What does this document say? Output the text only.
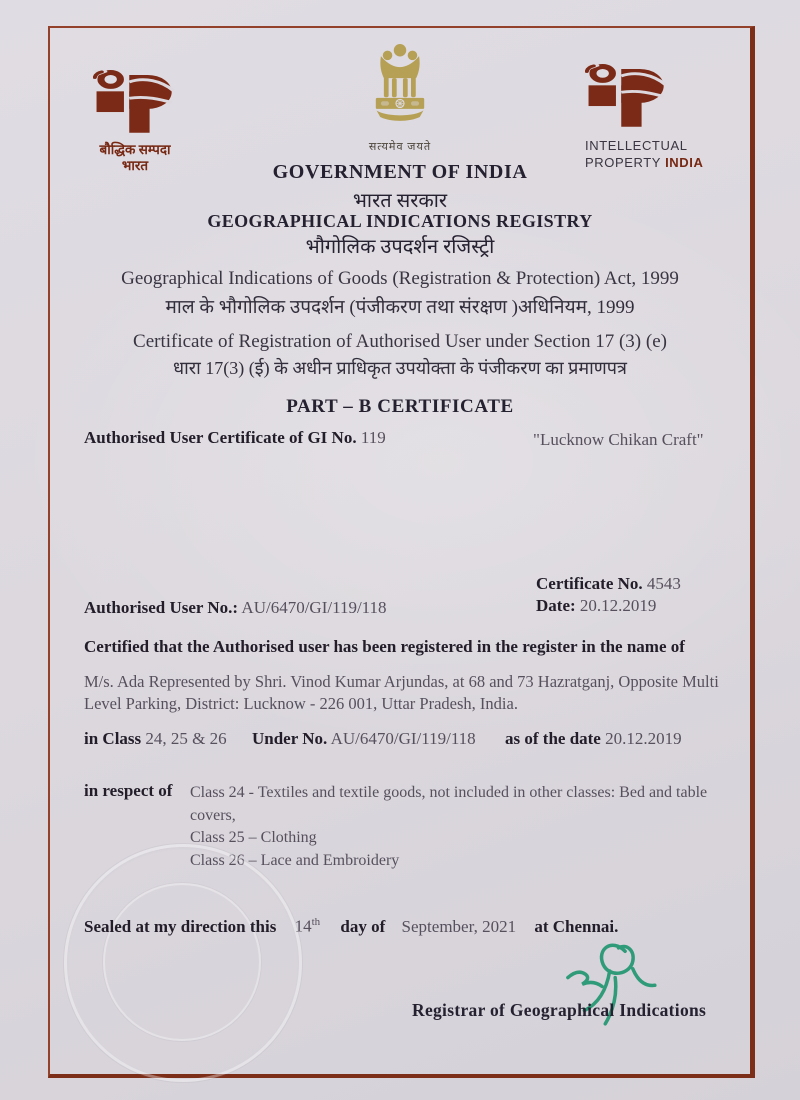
बौद्धिक सम्पदा
भारत
सत्यमेव जयते	INTELLECTUAL
PROPERTY INDIA
GOVERNMENT OF INDIA
भारत सरकार
GEOGRAPHICAL INDICATIONS REGISTRY
भौगोलिक उपदर्शन रजिस्ट्री
Geographical Indications of Goods (Registration & Protection) Act, 1999
माल के भौगोलिक उपदर्शन (पंजीकरण तथा संरक्षण )अधिनियम, 1999
Certificate of Registration of Authorised User under Section 17 (3) (e)
धारा 17(3) (ई) के अधीन प्राधिकृत उपयोक्ता के पंजीकरण का प्रमाणपत्र
PART – B CERTIFICATE
Authorised User Certificate of GI No. 119	"Lucknow Chikan Craft"
Certificate No. 4543
Date: 20.12.2019
Authorised User No.: AU/6470/GI/119/118
Certified that the Authorised user has been registered in the register in the name of
M/s. Ada Represented by Shri. Vinod Kumar Arjundas, at 68 and 73 Hazratganj, Opposite Multi Level Parking, District: Lucknow - 226 001, Uttar Pradesh, India.
in Class 24, 25 & 26 Under No. AU/6470/GI/119/118 as of the date 20.12.2019
in respect of Class 24 - Textiles and textile goods, not included in other classes: Bed and table covers,
Class 25 – Clothing
Class 26 – Lace and Embroidery
Sealed at my direction this 14th day of September, 2021 at Chennai.
Registrar of Geographical Indications
